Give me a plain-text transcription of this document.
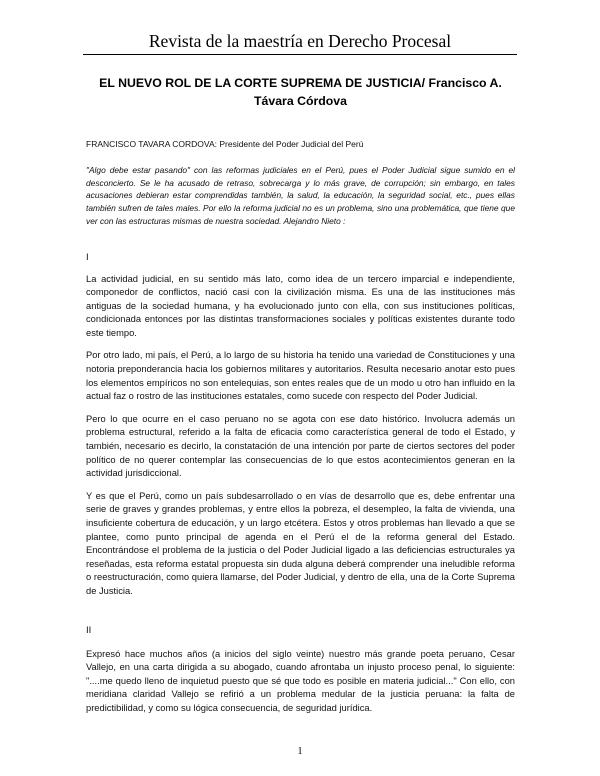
Revista de la maestría en Derecho Procesal
EL NUEVO ROL DE LA CORTE SUPREMA DE JUSTICIA/ Francisco A. Távara Córdova

FRANCISCO TAVARA CORDOVA: Presidente del Poder Judicial del Perú

"Algo debe estar pasando" con las reformas judiciales en el Perú, pues el Poder Judicial sigue sumido en el desconcierto. Se le ha acusado de retraso, sobrecarga y lo más grave, de corrupción; sin embargo, en tales acusaciones debieran estar comprendidas también, la salud, la educación, la seguridad social, etc., pues ellas también sufren de tales males. Por ello la reforma judicial no es un problema, sino una problemática, que tiene que ver con las estructuras mismas de nuestra sociedad. Alejandro Nieto :

I

La actividad judicial, en su sentido más lato, como idea de un tercero imparcial e independiente, componedor de conflictos, nació casi con la civilización misma. Es una de las instituciones más antiguas de la sociedad humana, y ha evolucionado junto con ella, con sus instituciones políticas, condicionada entonces por las distintas transformaciones sociales y políticas existentes durante todo este tiempo.

Por otro lado, mi país, el Perú, a lo largo de su historia ha tenido una variedad de Constituciones y una notoria preponderancia hacia los gobiernos militares y autoritarios. Resulta necesario anotar esto pues los elementos empíricos no son entelequias, son entes reales que de un modo u otro han influido en la actual faz o rostro de las instituciones estatales, como sucede con respecto del Poder Judicial.

Pero lo que ocurre en el caso peruano no se agota con ese dato histórico. Involucra además un problema estructural, referido a la falta de eficacia como característica general de todo el Estado, y también, necesario es decirlo, la constatación de una intención por parte de ciertos sectores del poder político de no querer contemplar las consecuencias de lo que estos acontecimientos generan en la actividad jurisdiccional.

Y es que el Perú, como un país subdesarrollado o en vías de desarrollo que es, debe enfrentar una serie de graves y grandes problemas, y entre ellos la pobreza, el desempleo, la falta de vivienda, una insuficiente cobertura de educación, y un largo etcétera. Estos y otros problemas han llevado a que se plantee, como punto principal de agenda en el Perú el de la reforma general del Estado. Encontrándose el problema de la justicia o del Poder Judicial ligado a las deficiencias estructurales ya reseñadas, esta reforma estatal propuesta sin duda alguna deberá comprender una ineludible reforma o reestructuración, como quiera llamarse, del Poder Judicial, y dentro de ella, una de la Corte Suprema de Justicia.

II

Expresó hace muchos años (a inicios del siglo veinte) nuestro más grande poeta peruano, Cesar Vallejo, en una carta dirigida a su abogado, cuando afrontaba un injusto proceso penal, lo siguiente: "....me quedo lleno de inquietud puesto que sé que todo es posible en materia judicial..." Con ello, con meridiana claridad Vallejo se refirió a un problema medular de la justicia peruana: la falta de predictibilidad, y como su lógica consecuencia, de seguridad jurídica.

1
